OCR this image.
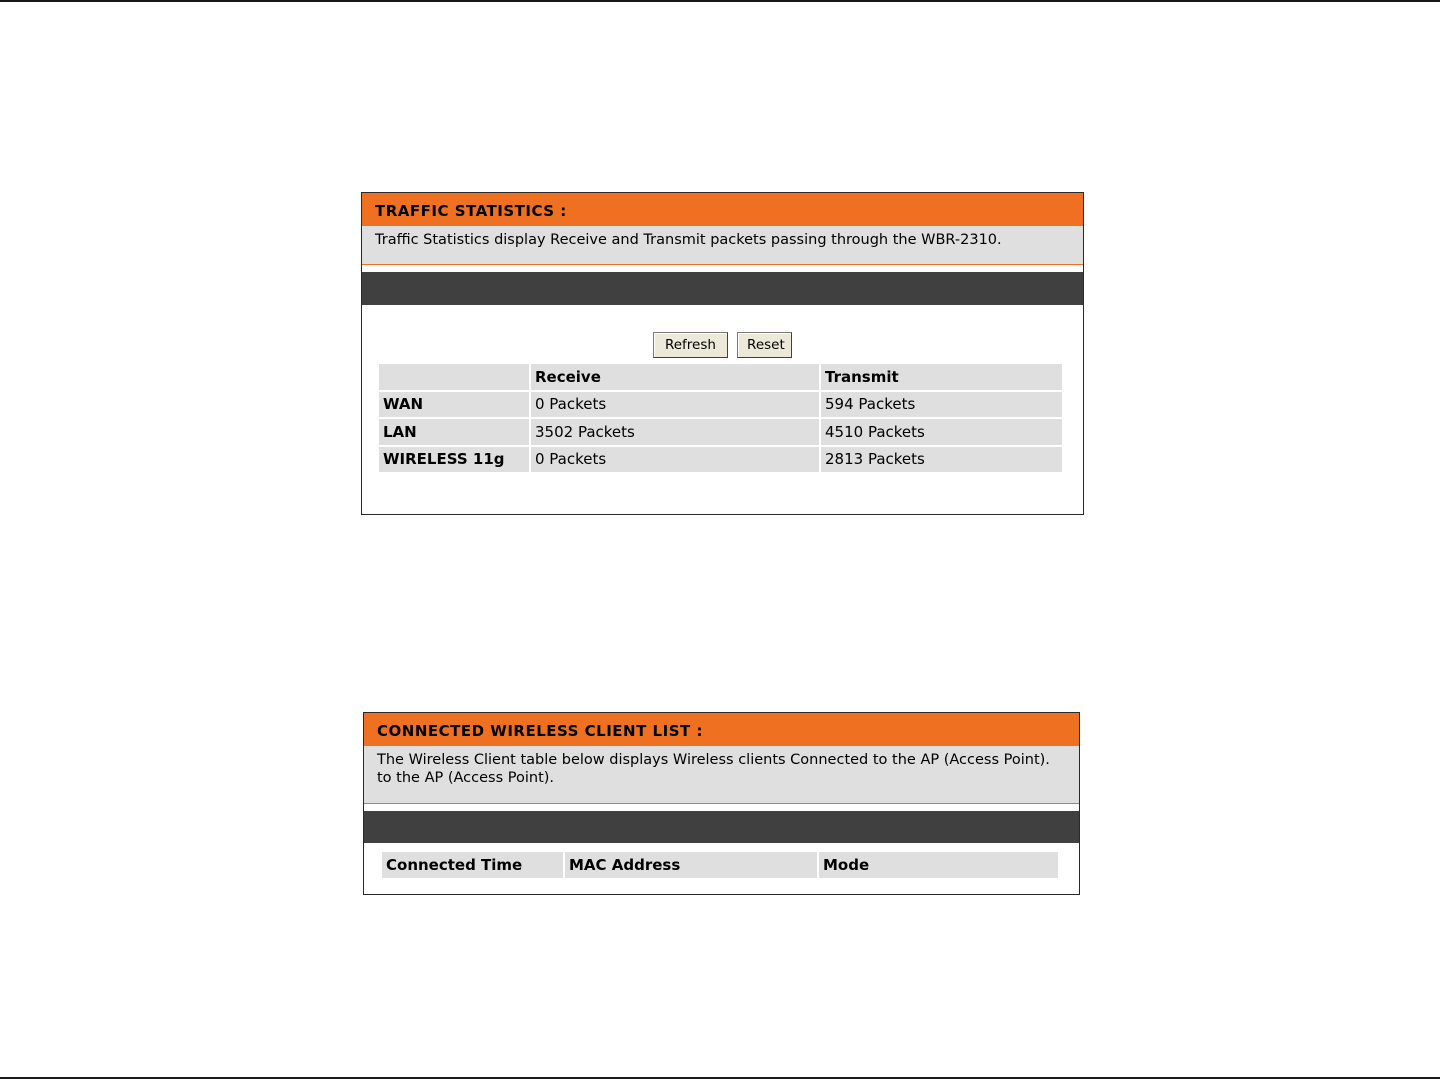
TRAFFIC STATISTICS :
Traffic Statistics display Receive and Transmit packets passing through the WBR-2310.
Refresh Reset
	Receive	Transmit
WAN	0 Packets	594 Packets
LAN	3502 Packets	4510 Packets
WIRELESS 11g	0 Packets	2813 Packets
CONNECTED WIRELESS CLIENT LIST :
The Wireless Client table below displays Wireless clients Connected to the AP (Access Point).
to the AP (Access Point).
Connected Time	MAC Address	Mode
